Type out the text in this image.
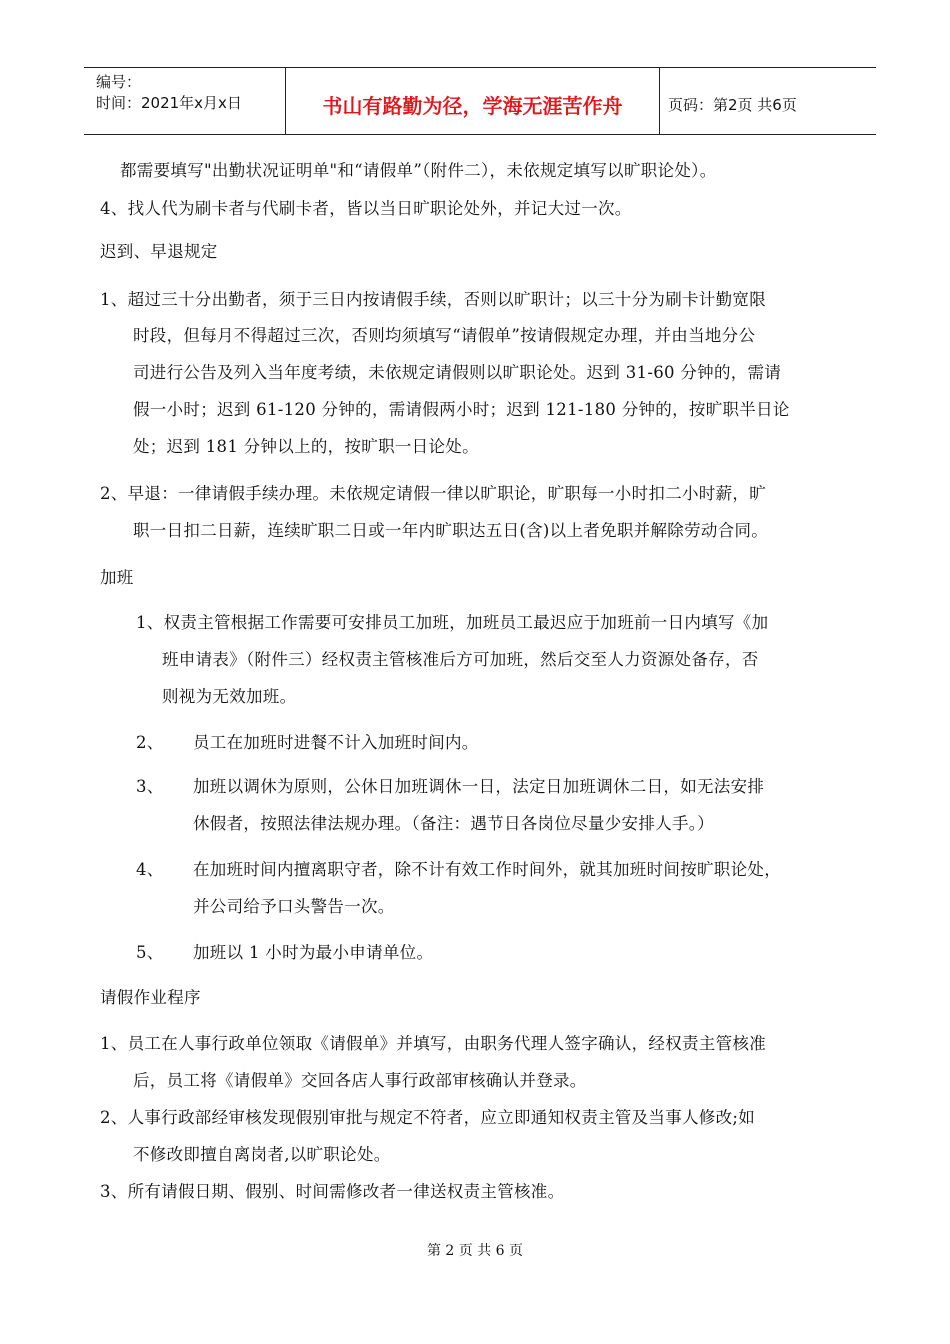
编号：
时间：2021年x月x日	书山有路勤为径，学海无涯苦作舟	页码：第2页 共6页
都需要填写"出勤状况证明单"和“请假单”（附件二），未依规定填写以旷职论处）。
4、找人代为刷卡者与代刷卡者，皆以当日旷职论处外，并记大过一次。
迟到、早退规定
1、超过三十分出勤者，须于三日内按请假手续，否则以旷职计；以三十分为刷卡计勤宽限
时段，但每月不得超过三次，否则均须填写“请假单”按请假规定办理，并由当地分公
司进行公告及列入当年度考绩，未依规定请假则以旷职论处。迟到 31-60 分钟的，需请
假一小时；迟到 61-120 分钟的，需请假两小时；迟到 121-180 分钟的，按旷职半日论
处；迟到 181 分钟以上的，按旷职一日论处。
2、早退：一律请假手续办理。未依规定请假一律以旷职论，旷职每一小时扣二小时薪，旷
职一日扣二日薪，连续旷职二日或一年内旷职达五日(含)以上者免职并解除劳动合同。
加班
1、权责主管根据工作需要可安排员工加班，加班员工最迟应于加班前一日内填写《加
班申请表》（附件三）经权责主管核准后方可加班，然后交至人力资源处备存，否
则视为无效加班。
2、 员工在加班时进餐不计入加班时间内。
3、 加班以调休为原则，公休日加班调休一日，法定日加班调休二日，如无法安排
休假者，按照法律法规办理。（备注：遇节日各岗位尽量少安排人手。）
4、 在加班时间内擅离职守者，除不计有效工作时间外，就其加班时间按旷职论处，
并公司给予口头警告一次。
5、 加班以 1 小时为最小申请单位。
请假作业程序
1、员工在人事行政单位领取《请假单》并填写，由职务代理人签字确认，经权责主管核准
后，员工将《请假单》交回各店人事行政部审核确认并登录。
2、人事行政部经审核发现假别审批与规定不符者，应立即通知权责主管及当事人修改;如
不修改即擅自离岗者,以旷职论处。
3、所有请假日期、假别、时间需修改者一律送权责主管核准。
第 2 页 共 6 页
